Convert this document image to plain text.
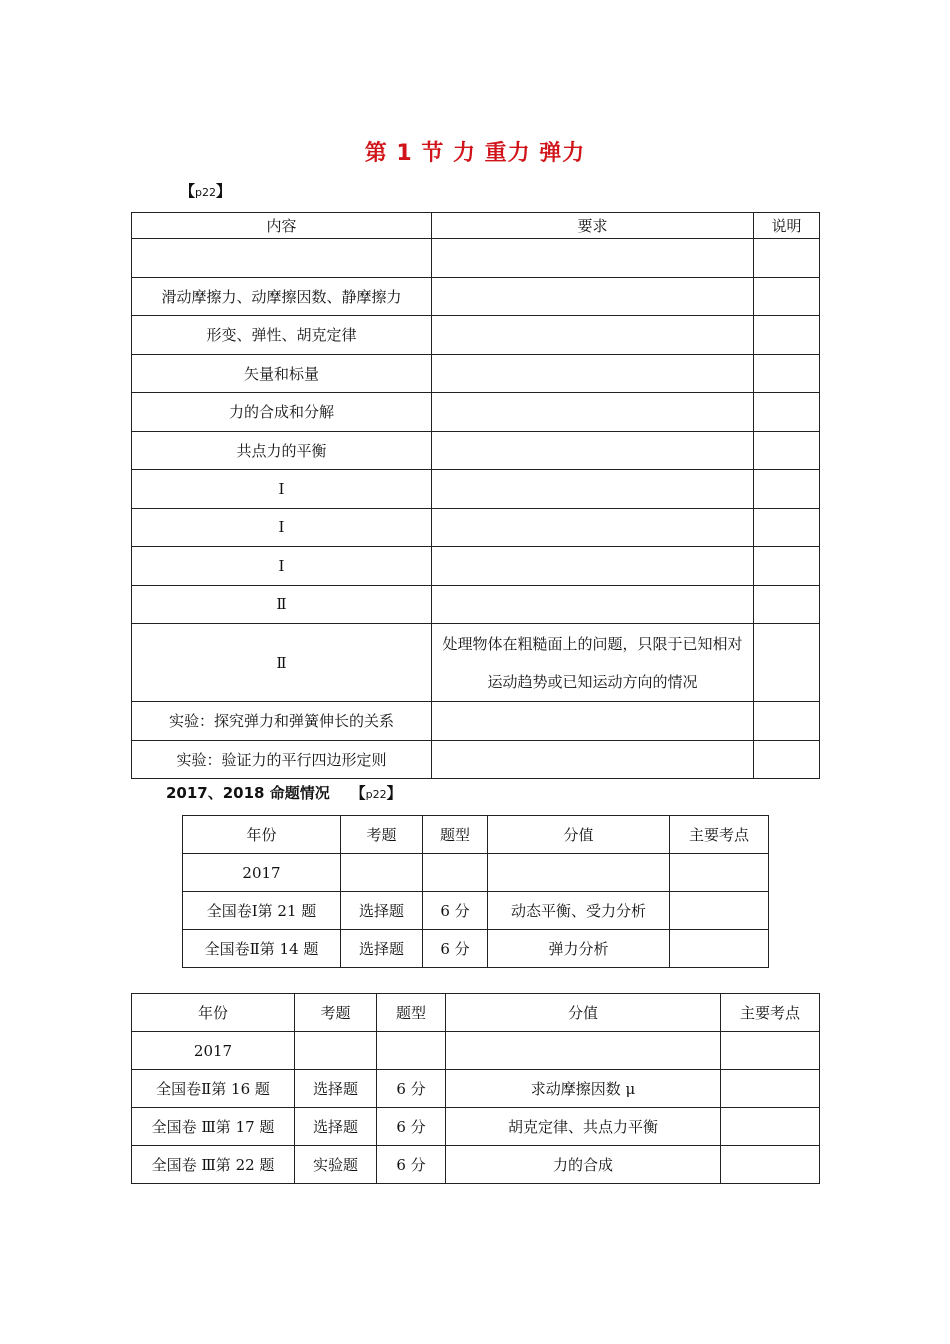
第 1 节 力 重力 弹力
【p22】
内容	要求	说明

滑动摩擦力、动摩擦因数、静摩擦力		
形变、弹性、胡克定律		
矢量和标量		
力的合成和分解		
共点力的平衡		
Ⅰ		
Ⅰ		
Ⅰ		
Ⅱ		
Ⅱ	处理物体在粗糙面上的问题，只限于已知相对运动趋势或已知运动方向的情况	
实验：探究弹力和弹簧伸长的关系		
实验：验证力的平行四边形定则		
2017、2018 命题情况 【p22】
年份	考题	题型	分值	主要考点
2017				
全国卷Ⅰ第 21 题	选择题	6 分	动态平衡、受力分析	
全国卷Ⅱ第 14 题	选择题	6 分	弹力分析	
年份	考题	题型	分值	主要考点
2017				
全国卷Ⅱ第 16 题	选择题	6 分	求动摩擦因数 μ	
全国卷 Ⅲ第 17 题	选择题	6 分	胡克定律、共点力平衡	
全国卷 Ⅲ第 22 题	实验题	6 分	力的合成	
